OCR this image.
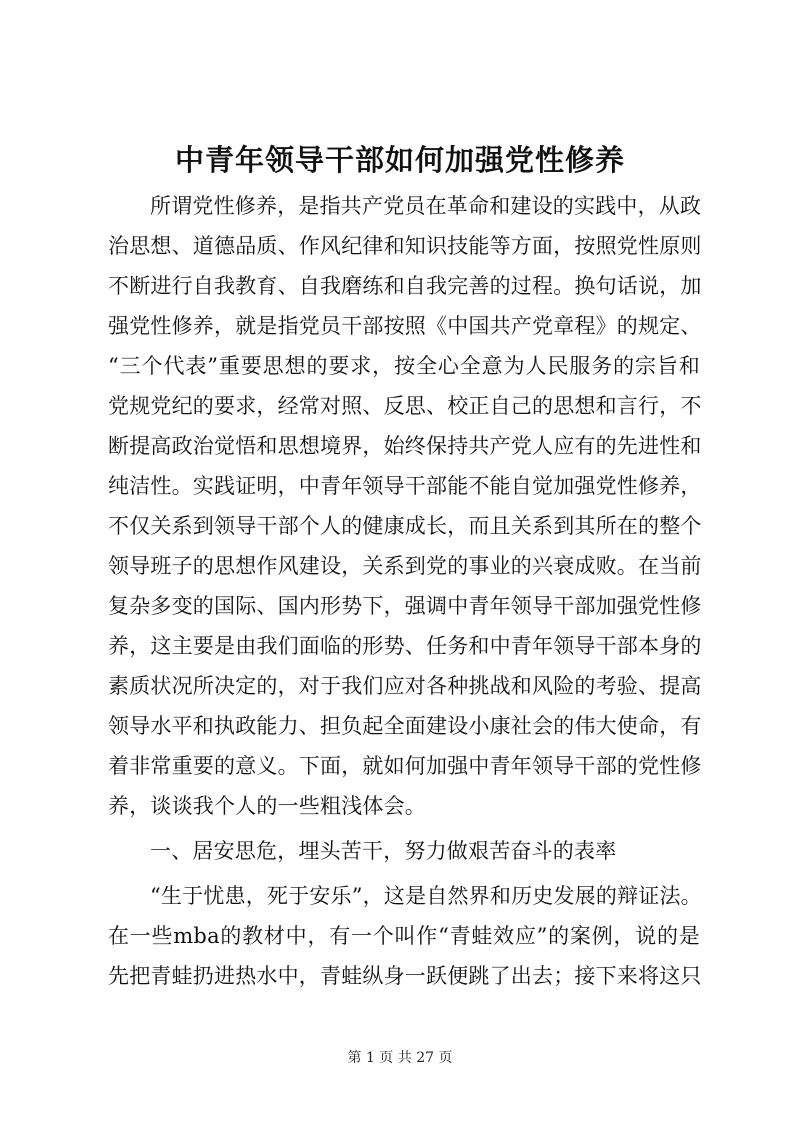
中青年领导干部如何加强党性修养
所谓党性修养，是指共产党员在革命和建设的实践中，从政
治思想、道德品质、作风纪律和知识技能等方面，按照党性原则
不断进行自我教育、自我磨练和自我完善的过程。换句话说，加
强党性修养，就是指党员干部按照《中国共产党章程》的规定、
“三个代表”重要思想的要求，按全心全意为人民服务的宗旨和
党规党纪的要求，经常对照、反思、校正自己的思想和言行，不
断提高政治觉悟和思想境界，始终保持共产党人应有的先进性和
纯洁性。实践证明，中青年领导干部能不能自觉加强党性修养，
不仅关系到领导干部个人的健康成长，而且关系到其所在的整个
领导班子的思想作风建设，关系到党的事业的兴衰成败。在当前
复杂多变的国际、国内形势下，强调中青年领导干部加强党性修
养，这主要是由我们面临的形势、任务和中青年领导干部本身的
素质状况所决定的，对于我们应对各种挑战和风险的考验、提高
领导水平和执政能力、担负起全面建设小康社会的伟大使命，有
着非常重要的意义。下面，就如何加强中青年领导干部的党性修
养，谈谈我个人的一些粗浅体会。
一、居安思危，埋头苦干，努力做艰苦奋斗的表率
“生于忧患，死于安乐”，这是自然界和历史发展的辩证法。
在一些mba的教材中，有一个叫作“青蛙效应”的案例，说的是
先把青蛙扔进热水中，青蛙纵身一跃便跳了出去；接下来将这只
第 1 页 共 27 页
